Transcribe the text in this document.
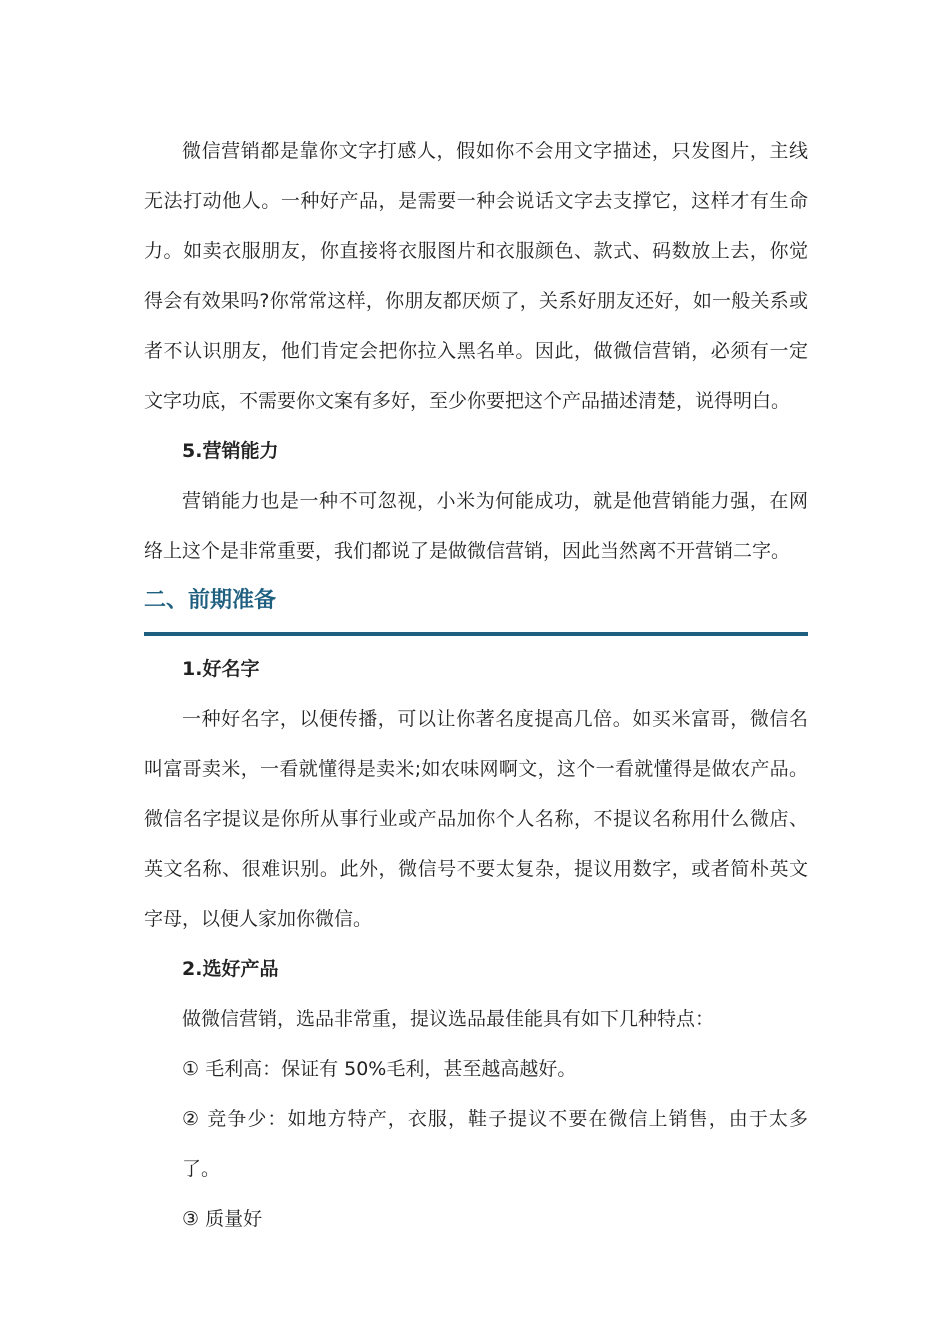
微信营销都是靠你文字打感人，假如你不会用文字描述，只发图片，主线无法打动他人。一种好产品，是需要一种会说话文字去支撑它，这样才有生命力。如卖衣服朋友，你直接将衣服图片和衣服颜色、款式、码数放上去，你觉得会有效果吗?你常常这样，你朋友都厌烦了，关系好朋友还好，如一般关系或者不认识朋友，他们肯定会把你拉入黑名单。因此，做微信营销，必须有一定文字功底，不需要你文案有多好，至少你要把这个产品描述清楚，说得明白。

5.营销能力

营销能力也是一种不可忽视，小米为何能成功，就是他营销能力强，在网络上这个是非常重要，我们都说了是做微信营销，因此当然离不开营销二字。

二、前期准备

1.好名字

一种好名字，以便传播，可以让你著名度提高几倍。如买米富哥，微信名叫富哥卖米，一看就懂得是卖米;如农味网啊文，这个一看就懂得是做农产品。微信名字提议是你所从事行业或产品加你个人名称，不提议名称用什么微店、英文名称、很难识别。此外，微信号不要太复杂，提议用数字，或者简朴英文字母，以便人家加你微信。

2.选好产品

做微信营销，选品非常重，提议选品最佳能具有如下几种特点：

① 毛利高：保证有 50%毛利，甚至越高越好。

② 竞争少：如地方特产，衣服，鞋子提议不要在微信上销售，由于太多了。

③ 质量好
